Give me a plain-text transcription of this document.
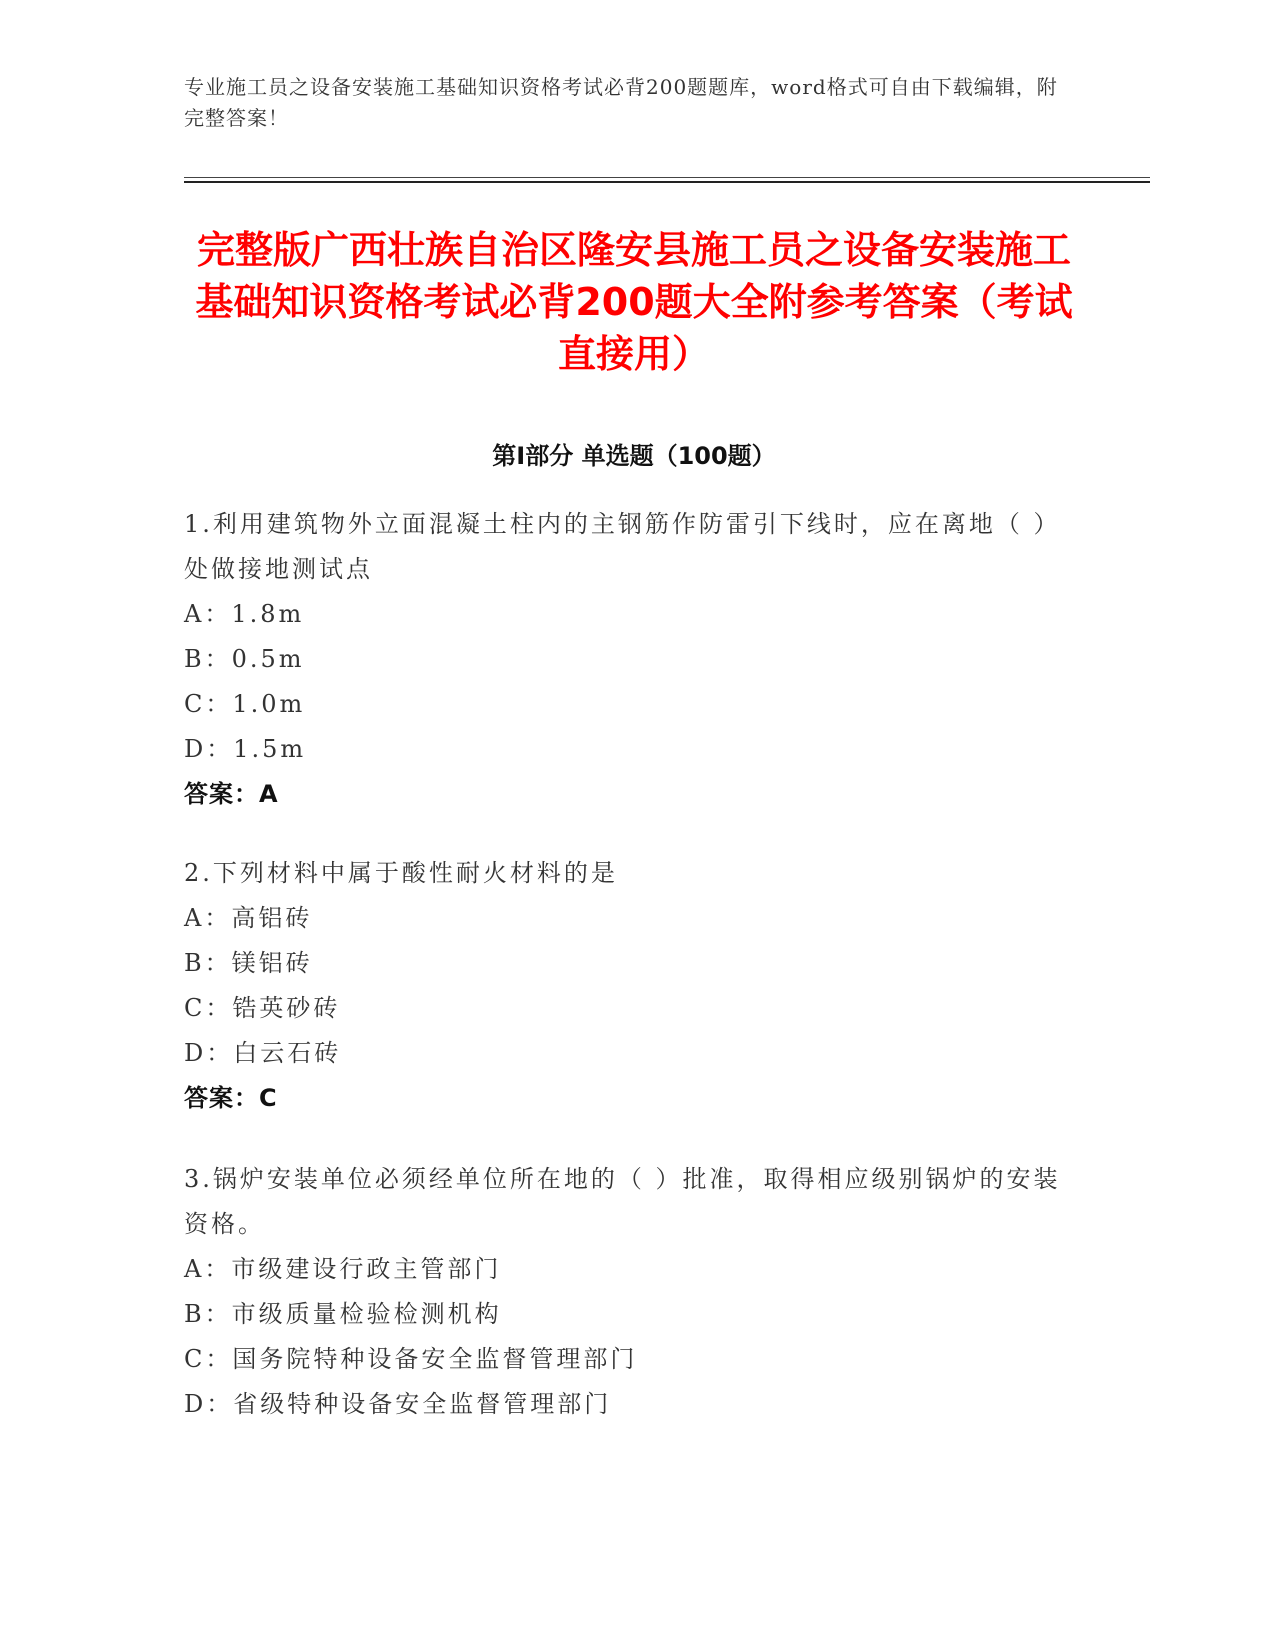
专业施工员之设备安装施工基础知识资格考试必背200题题库，word格式可自由下载编辑，附完整答案！
完整版广西壮族自治区隆安县施工员之设备安装施工基础知识资格考试必背200题大全附参考答案（考试直接用）
第I部分 单选题（100题）
1.利用建筑物外立面混凝土柱内的主钢筋作防雷引下线时，应在离地（ ）处做接地测试点
A：1.8m
B：0.5m
C：1.0m
D：1.5m
答案：A
2.下列材料中属于酸性耐火材料的是
A：高铝砖
B：镁铝砖
C：锆英砂砖
D：白云石砖
答案：C
3.锅炉安装单位必须经单位所在地的（ ）批准，取得相应级别锅炉的安装资格。
A：市级建设行政主管部门
B：市级质量检验检测机构
C：国务院特种设备安全监督管理部门
D：省级特种设备安全监督管理部门
